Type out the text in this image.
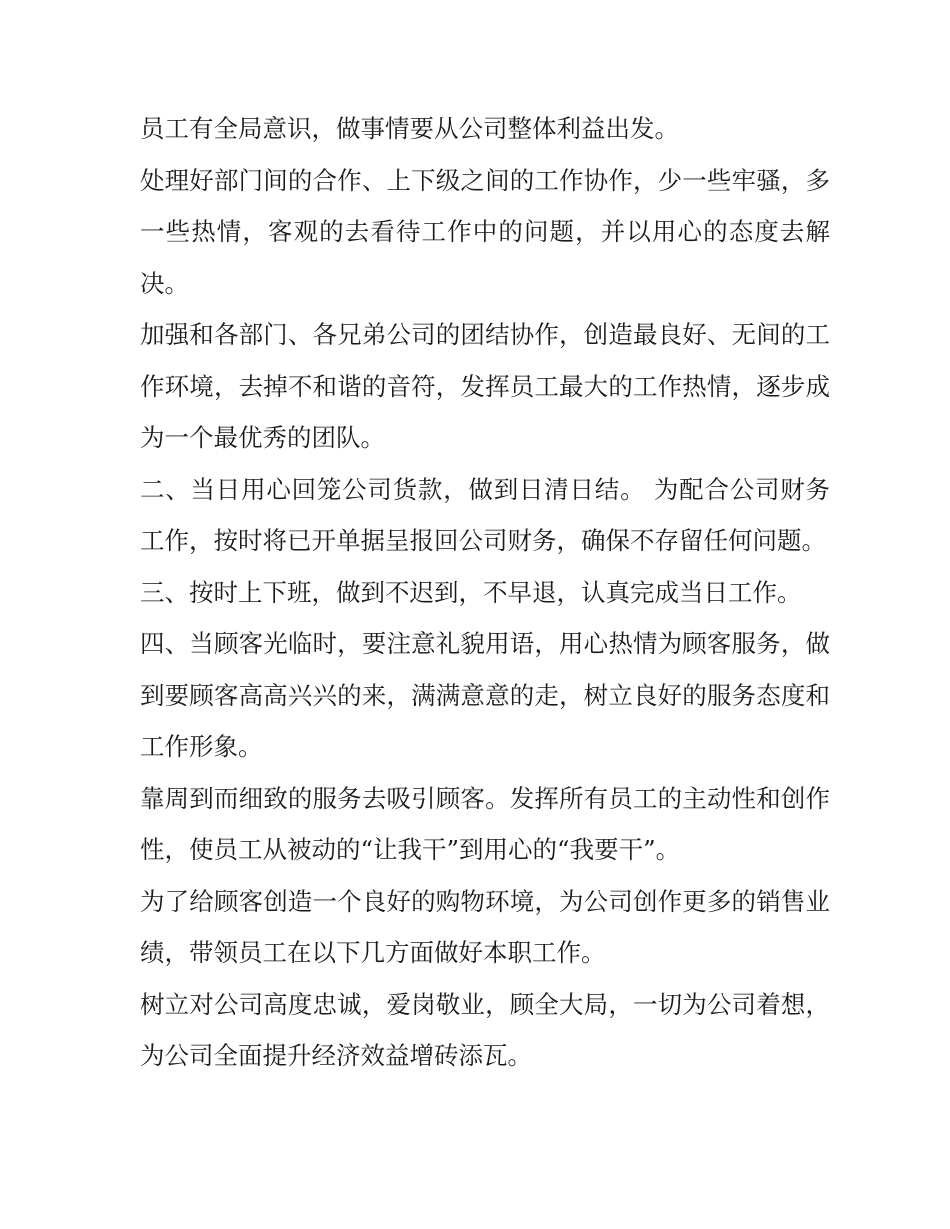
员工有全局意识，做事情要从公司整体利益出发。

处理好部门间的合作、上下级之间的工作协作，少一些牢骚，多一些热情，客观的去看待工作中的问题，并以用心的态度去解决。

加强和各部门、各兄弟公司的团结协作，创造最良好、无间的工作环境，去掉不和谐的音符，发挥员工最大的工作热情，逐步成为一个最优秀的团队。

二、当日用心回笼公司货款，做到日清日结。 为配合公司财务工作，按时将已开单据呈报回公司财务，确保不存留任何问题。

三、按时上下班，做到不迟到，不早退，认真完成当日工作。

四、当顾客光临时，要注意礼貌用语，用心热情为顾客服务，做到要顾客高高兴兴的来，满满意意的走，树立良好的服务态度和工作形象。

靠周到而细致的服务去吸引顾客。发挥所有员工的主动性和创作性，使员工从被动的“让我干”到用心的“我要干”。

为了给顾客创造一个良好的购物环境，为公司创作更多的销售业绩，带领员工在以下几方面做好本职工作。

树立对公司高度忠诚，爱岗敬业，顾全大局，一切为公司着想，为公司全面提升经济效益增砖添瓦。
